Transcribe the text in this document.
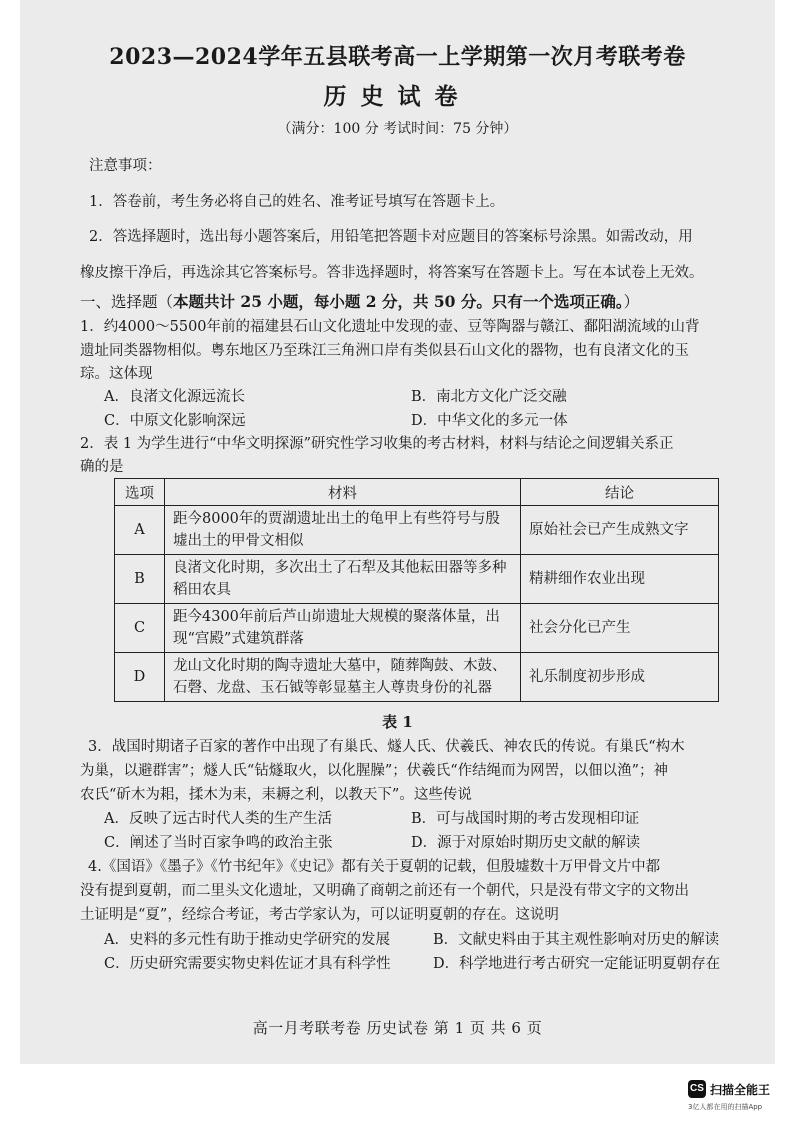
2023—2024学年五县联考高一上学期第一次月考联考卷
历史试卷
（满分：100 分 考试时间：75 分钟）
注意事项：
1．答卷前，考生务必将自己的姓名、准考证号填写在答题卡上。
2．答选择题时，选出每小题答案后，用铅笔把答题卡对应题目的答案标号涂黑。如需改动，用
橡皮擦干净后，再选涂其它答案标号。答非选择题时，将答案写在答题卡上。写在本试卷上无效。
一、选择题（本题共计 25 小题，每小题 2 分，共 50 分。只有一个选项正确。）
1．约4000～5500年前的福建县石山文化遗址中发现的壶、豆等陶器与赣江、鄱阳湖流域的山背
遗址同类器物相似。粤东地区乃至珠江三角洲口岸有类似县石山文化的器物，也有良渚文化的玉
琮。这体现
A．良渚文化源远流长	B．南北方文化广泛交融
C．中原文化影响深远	D．中华文化的多元一体
2．表 1 为学生进行“中华文明探源”研究性学习收集的考古材料，材料与结论之间逻辑关系正
确的是
选项	材料	结论
A	距今8000年的贾湖遗址出土的龟甲上有些符号与殷墟出土的甲骨文相似	原始社会已产生成熟文字
B	良渚文化时期，多次出土了石犁及其他耘田器等多种稻田农具	精耕细作农业出现
C	距今4300年前后芦山峁遗址大规模的聚落体量，出现“宫殿”式建筑群落	社会分化已产生
D	龙山文化时期的陶寺遗址大墓中，随葬陶鼓、木鼓、石磬、龙盘、玉石钺等彰显墓主人尊贵身份的礼器	礼乐制度初步形成
表 1
3．战国时期诸子百家的著作中出现了有巢氏、燧人氏、伏羲氏、神农氏的传说。有巢氏“构木
为巢，以避群害”；燧人氏“钻燧取火，以化腥臊”；伏羲氏“作结绳而为网罟，以佃以渔”；神
农氏“斫木为耜，揉木为耒，耒耨之利，以教天下”。这些传说
A．反映了远古时代人类的生产生活	B．可与战国时期的考古发现相印证
C．阐述了当时百家争鸣的政治主张	D．源于对原始时期历史文献的解读
4.《国语》《墨子》《竹书纪年》《史记》都有关于夏朝的记载，但殷墟数十万甲骨文片中都
没有提到夏朝，而二里头文化遗址，又明确了商朝之前还有一个朝代，只是没有带文字的文物出
土证明是“夏”，经综合考证，考古学家认为，可以证明夏朝的存在。这说明
A．史料的多元性有助于推动史学研究的发展	B．文献史料由于其主观性影响对历史的解读
C．历史研究需要实物史料佐证才具有科学性	D．科学地进行考古研究一定能证明夏朝存在
高一月考联考卷 历史试卷 第 1 页 共 6 页
CS 扫描全能王
3亿人都在用的扫描App
